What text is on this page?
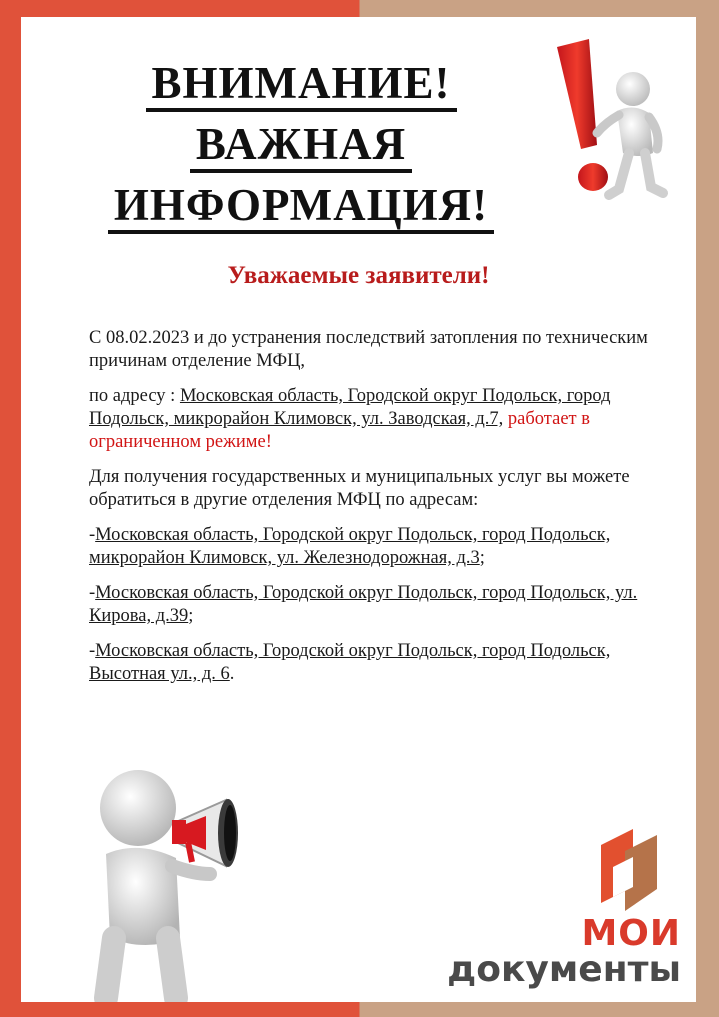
ВНИМАНИЕ!
ВАЖНАЯ
ИНФОРМАЦИЯ!
Уважаемые заявители!

С 08.02.2023 и до устранения последствий затопления по техническим причинам отделение МФЦ,

по адресу : Московская область, Городской округ Подольск, город Подольск, микрорайон Климовск, ул. Заводская, д.7, работает в ограниченном режиме!

Для получения государственных и муниципальных услуг вы можете обратиться в другие отделения МФЦ по адресам:

-Московская область, Городской округ Подольск, город Подольск, микрорайон Климовск, ул. Железнодорожная, д.3;

-Московская область, Городской округ Подольск, город Подольск, ул. Кирова, д.39;

-Московская область, Городской округ Подольск, город Подольск, Высотная ул., д. 6.

МОИ
документы
